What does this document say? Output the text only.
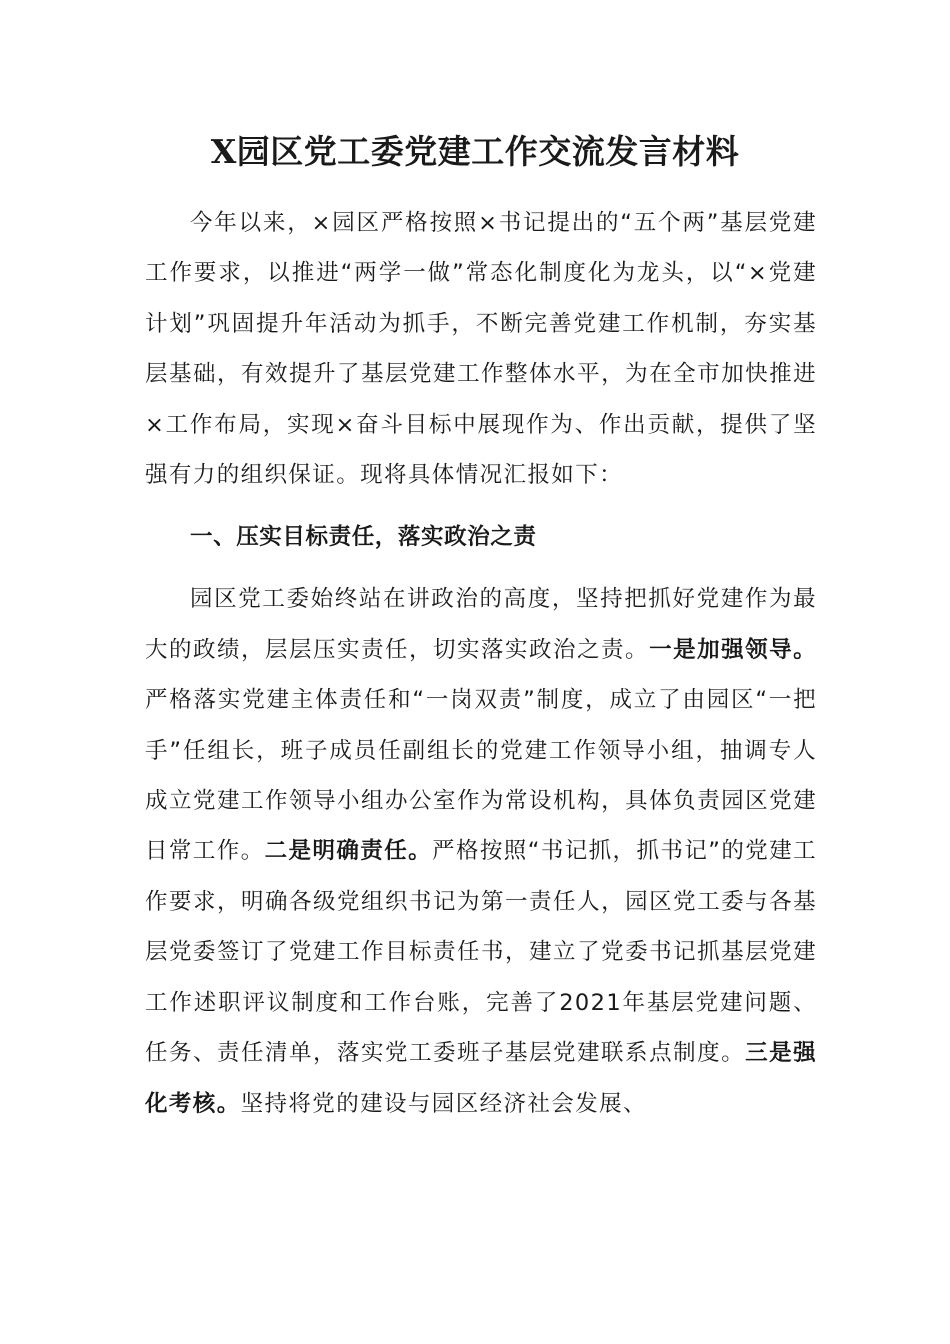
X园区党工委党建工作交流发言材料

今年以来，×园区严格按照×书记提出的“五个两”基层党建工作要求，以推进“两学一做”常态化制度化为龙头，以“×党建计划”巩固提升年活动为抓手，不断完善党建工作机制，夯实基层基础，有效提升了基层党建工作整体水平，为在全市加快推进×工作布局，实现×奋斗目标中展现作为、作出贡献，提供了坚强有力的组织保证。现将具体情况汇报如下：

一、压实目标责任，落实政治之责

园区党工委始终站在讲政治的高度，坚持把抓好党建作为最大的政绩，层层压实责任，切实落实政治之责。一是加强领导。严格落实党建主体责任和“一岗双责”制度，成立了由园区“一把手”任组长，班子成员任副组长的党建工作领导小组，抽调专人成立党建工作领导小组办公室作为常设机构，具体负责园区党建日常工作。二是明确责任。严格按照“书记抓，抓书记”的党建工作要求，明确各级党组织书记为第一责任人，园区党工委与各基层党委签订了党建工作目标责任书，建立了党委书记抓基层党建工作述职评议制度和工作台账，完善了2021年基层党建问题、任务、责任清单，落实党工委班子基层党建联系点制度。三是强化考核。坚持将党的建设与园区经济社会发展、
